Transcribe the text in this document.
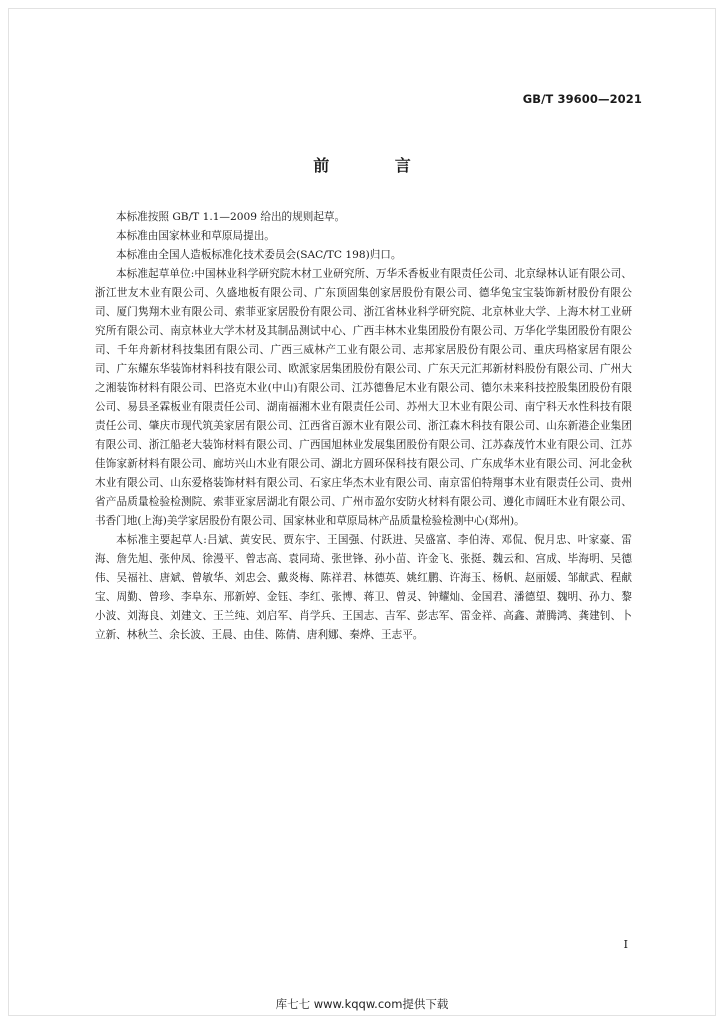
GB/T 39600—2021
前 言

本标准按照 GB/T 1.1—2009 给出的规则起草。

本标准由国家林业和草原局提出。

本标准由全国人造板标准化技术委员会(SAC/TC 198)归口。

本标准起草单位:中国林业科学研究院木材工业研究所、万华禾香板业有限责任公司、北京绿林认证有限公司、浙江世友木业有限公司、久盛地板有限公司、广东顶固集创家居股份有限公司、德华兔宝宝装饰新材股份有限公司、厦门隽翔木业有限公司、索菲亚家居股份有限公司、浙江省林业科学研究院、北京林业大学、上海木材工业研究所有限公司、南京林业大学木材及其制品测试中心、广西丰林木业集团股份有限公司、万华化学集团股份有限公司、千年舟新材科技集团有限公司、广西三威林产工业有限公司、志邦家居股份有限公司、重庆玛格家居有限公司、广东耀东华装饰材料科技有限公司、欧派家居集团股份有限公司、广东天元汇邦新材料股份有限公司、广州大之湘装饰材料有限公司、巴洛克木业(中山)有限公司、江苏德鲁尼木业有限公司、德尔未来科技控股集团股份有限公司、易县圣霖板业有限责任公司、湖南福湘木业有限责任公司、苏州大卫木业有限公司、南宁科天水性科技有限责任公司、肇庆市现代筑美家居有限公司、江西省百源木业有限公司、浙江森木科技有限公司、山东新港企业集团有限公司、浙江船老大装饰材料有限公司、广西国旭林业发展集团股份有限公司、江苏森茂竹木业有限公司、江苏佳饰家新材料有限公司、廊坊兴山木业有限公司、湖北方圆环保科技有限公司、广东成华木业有限公司、河北金秋木业有限公司、山东爱格装饰材料有限公司、石家庄华杰木业有限公司、南京雷伯特翔事木业有限责任公司、贵州省产品质量检验检测院、索菲亚家居湖北有限公司、广州市盈尔安防火材料有限公司、遵化市阔旺木业有限公司、书香门地(上海)美学家居股份有限公司、国家林业和草原局林产品质量检验检测中心(郑州)。

本标准主要起草人:吕斌、黄安民、贾东宇、王国强、付跃进、吴盛富、李伯涛、邓侃、倪月忠、叶家豪、雷海、詹先旭、张仲凤、徐漫平、曾志高、袁同琦、张世锋、孙小苗、许金飞、张挺、魏云和、宫成、毕海明、吴德伟、吴福社、唐斌、曾敏华、刘忠会、戴炎梅、陈祥君、林德英、姚红鹏、许海玉、杨帆、赵丽媛、邹献武、程献宝、周勤、曾珍、李阜东、邢新婷、金钰、李红、张博、蒋卫、曾灵、钟耀灿、金国君、潘德望、魏明、孙力、黎小波、刘海良、刘建文、王兰纯、刘启军、肖学兵、王国志、吉军、彭志军、雷金祥、高鑫、萧腾鸿、龚建钊、卜立新、林秋兰、余长波、王晨、由佳、陈倩、唐利娜、秦烨、王志平。

I
库七七 www.kqqw.com提供下载
